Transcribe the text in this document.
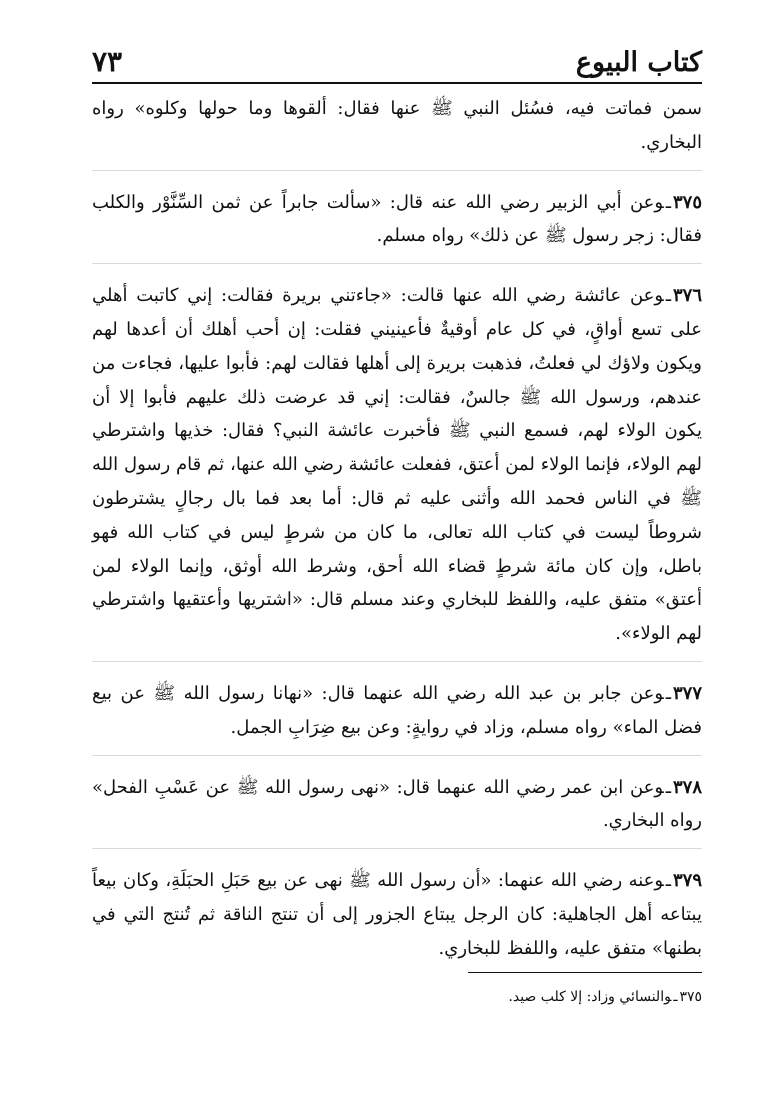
كتاب البيوع
٧٣

سمن فماتت فيه، فسُئل النبي ﷺ عنها فقال: ألقوها وما حولها وكلوه» رواه البخاري.

٣٧٥ـوعن أبي الزبير رضي الله عنه قال: «سألت جابراً عن ثمن السِّنَّوْر والكلب فقال: زجر رسول ﷺ عن ذلك» رواه مسلم.

٣٧٦ـوعن عائشة رضي الله عنها قالت: «جاءتني بريرة فقالت: إني كاتبت أهلي على تسع أواقٍ، في كل عام أوقيةٌ فأعينيني فقلت: إن أحب أهلك أن أعدها لهم ويكون ولاؤك لي فعلتُ، فذهبت بريرة إلى أهلها فقالت لهم: فأبوا عليها، فجاءت من عندهم، ورسول الله ﷺ جالسٌ، فقالت: إني قد عرضت ذلك عليهم فأبوا إلا أن يكون الولاء لهم، فسمع النبي ﷺ فأخبرت عائشة النبي؟ فقال: خذيها واشترطي لهم الولاء، فإنما الولاء لمن أعتق، ففعلت عائشة رضي الله عنها، ثم قام رسول الله ﷺ في الناس فحمد الله وأثنى عليه ثم قال: أما بعد فما بال رجالٍ يشترطون شروطاً ليست في كتاب الله تعالى، ما كان من شرطٍ ليس في كتاب الله فهو باطل، وإن كان مائة شرطٍ قضاء الله أحق، وشرط الله أوثق، وإنما الولاء لمن أعتق» متفق عليه، واللفظ للبخاري وعند مسلم قال: «اشتريها وأعتقيها واشترطي لهم الولاء».

٣٧٧ـوعن جابر بن عبد الله رضي الله عنهما قال: «نهانا رسول الله ﷺ عن بيع فضل الماء» رواه مسلم، وزاد في روايةٍ: وعن بيع ضِرَابِ الجمل.

٣٧٨ـوعن ابن عمر رضي الله عنهما قال: «نهى رسول الله ﷺ عن عَسْبِ الفحل» رواه البخاري.

٣٧٩ـوعنه رضي الله عنهما: «أن رسول الله ﷺ نهى عن بيع حَبَلِ الحبَلَةِ، وكان بيعاً يبتاعه أهل الجاهلية: كان الرجل يبتاع الجزور إلى أن تنتج الناقة ثم تُنتج التي في بطنها» متفق عليه، واللفظ للبخاري.

٣٧٥ـوالنسائي وزاد: إلا كلب صيد.
